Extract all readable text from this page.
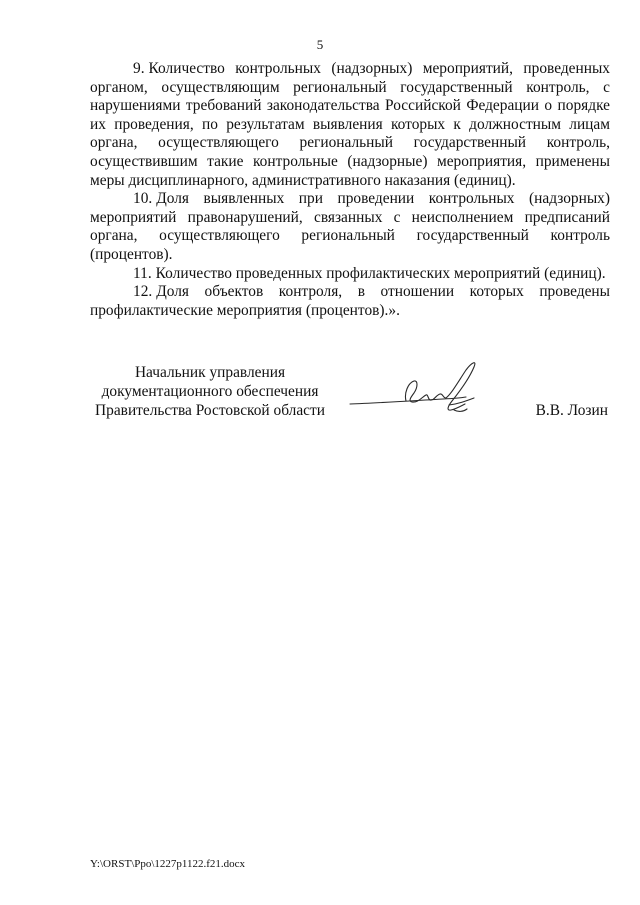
5

9. Количество контрольных (надзорных) мероприятий, проведенных органом, осуществляющим региональный государственный контроль, с нарушениями требований законодательства Российской Федерации о порядке их проведения, по результатам выявления которых к должностным лицам органа, осуществляющего региональный государственный контроль, осуществившим такие контрольные (надзорные) мероприятия, применены меры дисциплинарного, административного наказания (единиц).

10. Доля выявленных при проведении контрольных (надзорных) мероприятий правонарушений, связанных с неисполнением предписаний органа, осуществляющего региональный государственный контроль (процентов).

11. Количество проведенных профилактических мероприятий (единиц).

12. Доля объектов контроля, в отношении которых проведены профилактические мероприятия (процентов).».

Начальник управления
документационного обеспечения
Правительства Ростовской области	В.В. Лозин
Y:\ORST\Ppo\1227p1122.f21.docx
